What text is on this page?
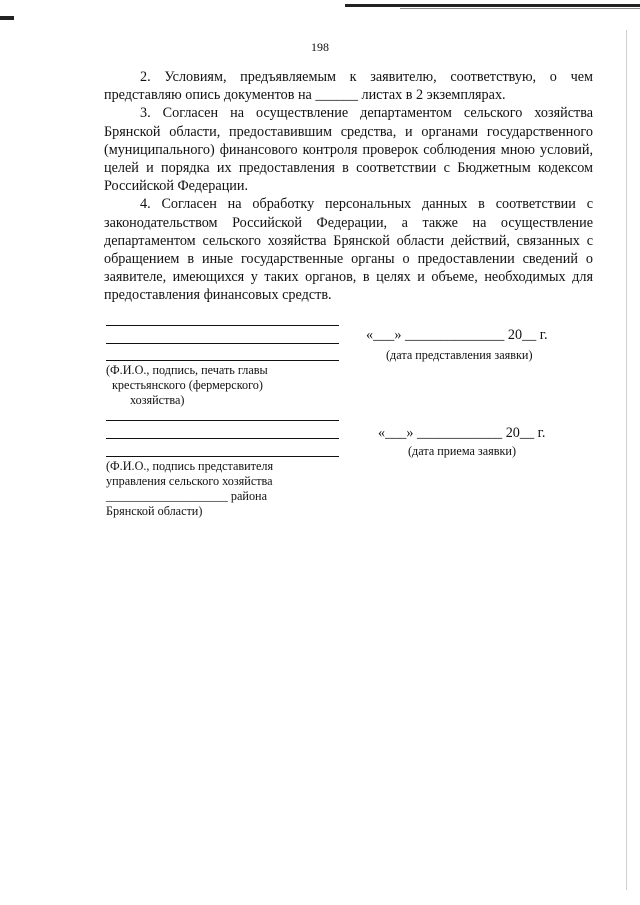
198

2. Условиям, предъявляемым к заявителю, соответствую, о чем представляю опись документов на ______ листах в 2 экземплярах.

3. Согласен на осуществление департаментом сельского хозяйства Брянской области, предоставившим средства, и органами государственного (муниципального) финансового контроля проверок соблюдения мною условий, целей и порядка их предоставления в соответствии с Бюджетным кодексом Российской Федерации.

4. Согласен на обработку персональных данных в соответствии с законодательством Российской Федерации, а также на осуществление департаментом сельского хозяйства Брянской области действий, связанных с обращением в иные государственные органы о предоставлении сведений о заявителе, имеющихся у таких органов, в целях и объеме, необходимых для предоставления финансовых средств.

(Ф.И.О., подпись, печать главы
крестьянского (фермерского)
хозяйства)
«___» ______________ 20__ г.
(дата представления заявки)
(Ф.И.О., подпись представителя
управления сельского хозяйства
____________________ района
Брянской области)
«___» ____________ 20__ г.
(дата приема заявки)
